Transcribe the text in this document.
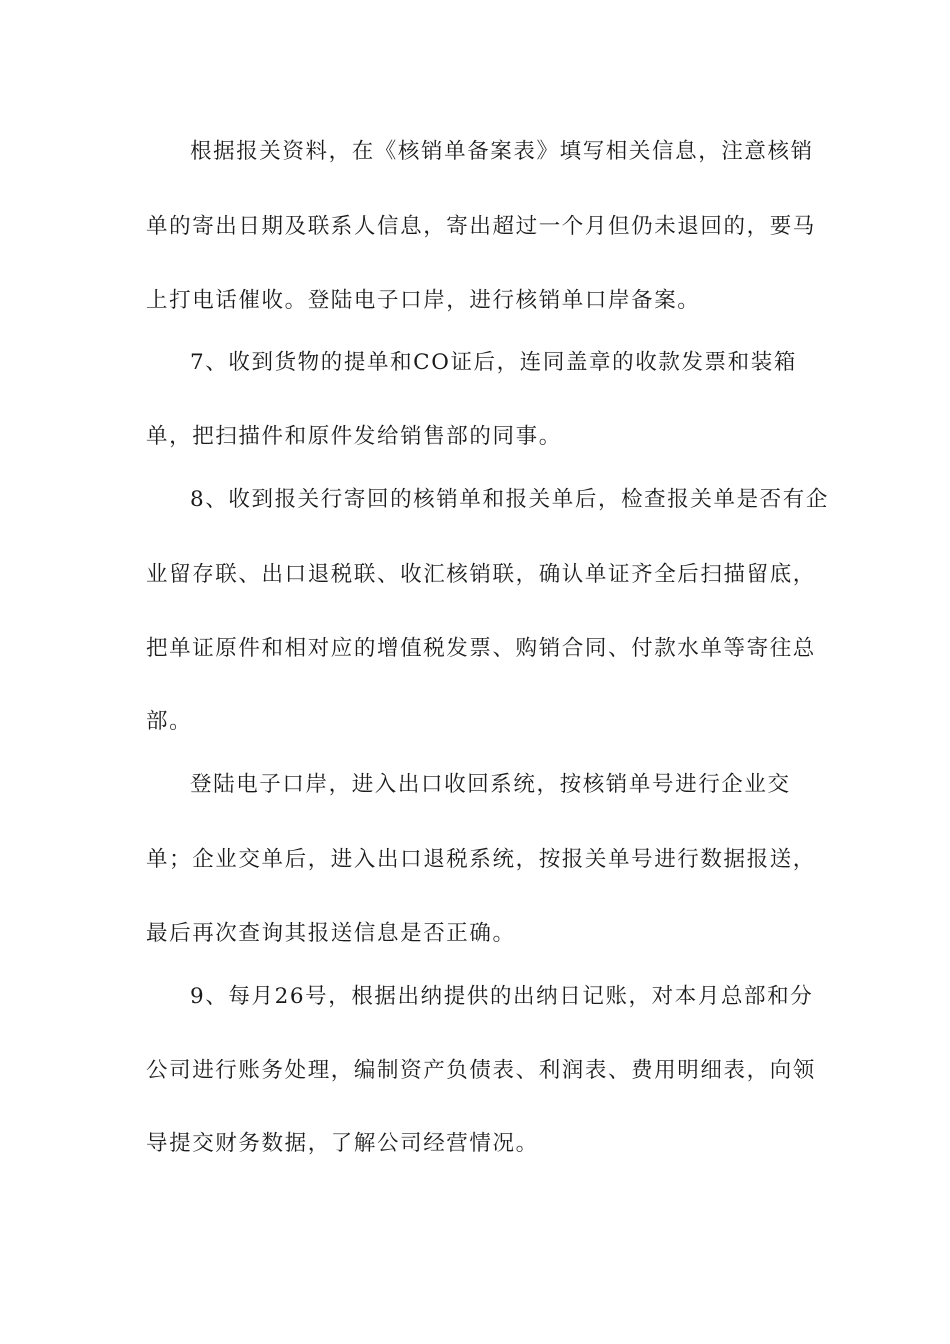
根据报关资料，在《核销单备案表》填写相关信息，注意核销
单的寄出日期及联系人信息，寄出超过一个月但仍未退回的，要马
上打电话催收。登陆电子口岸，进行核销单口岸备案。
7、收到货物的提单和CO证后，连同盖章的收款发票和装箱
单，把扫描件和原件发给销售部的同事。
8、收到报关行寄回的核销单和报关单后，检查报关单是否有企
业留存联、出口退税联、收汇核销联，确认单证齐全后扫描留底，
把单证原件和相对应的增值税发票、购销合同、付款水单等寄往总
部。
登陆电子口岸，进入出口收回系统，按核销单号进行企业交
单；企业交单后，进入出口退税系统，按报关单号进行数据报送，
最后再次查询其报送信息是否正确。
9、每月26号，根据出纳提供的出纳日记账，对本月总部和分
公司进行账务处理，编制资产负债表、利润表、费用明细表，向领
导提交财务数据，了解公司经营情况。
